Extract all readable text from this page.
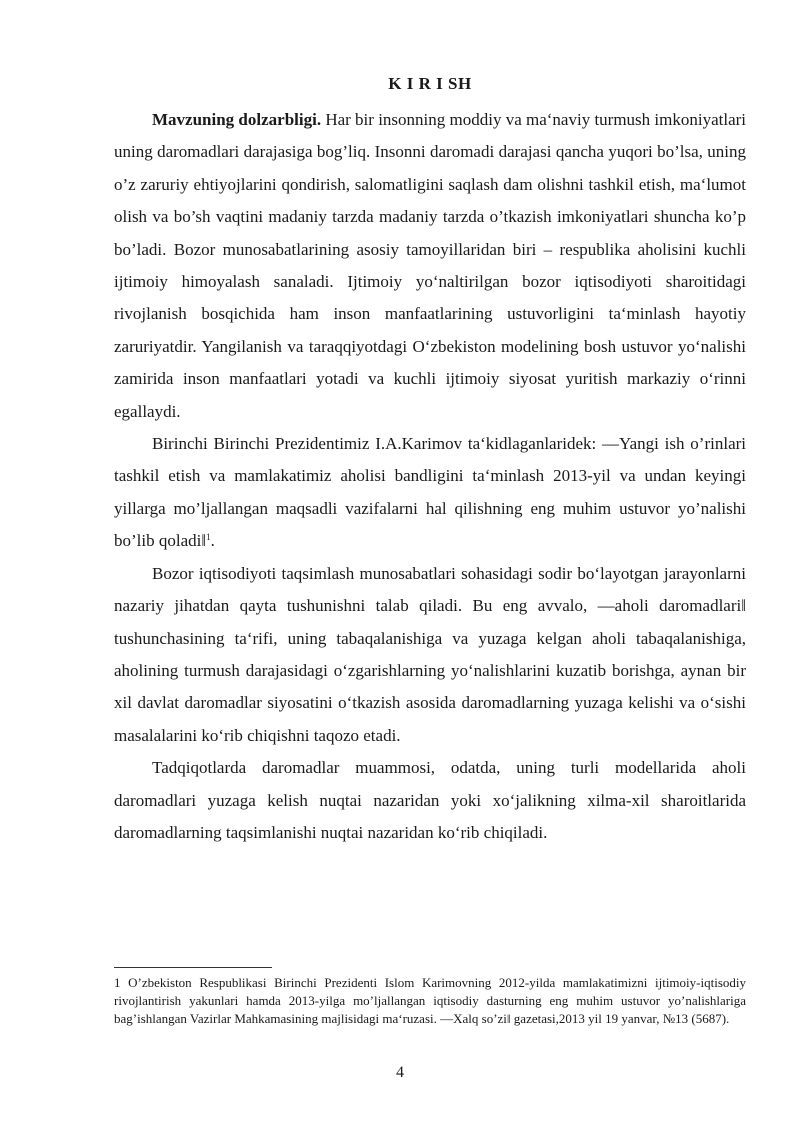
K I R I SH

Mavzuning dolzarbligi. Har bir insonning moddiy va ma‘naviy turmush imkoniyatlari uning daromadlari darajasiga bog’liq. Insonni daromadi darajasi qancha yuqori bo’lsa, uning o’z zaruriy ehtiyojlarini qondirish, salomatligini saqlash dam olishni tashkil etish, ma‘lumot olish va bo’sh vaqtini madaniy tarzda madaniy tarzda o’tkazish imkoniyatlari shuncha ko’p bo’ladi. Bozor munosabatlarining asosiy tamoyillaridan biri – respublika aholisini kuchli ijtimoiy himoyalash sanaladi. Ijtimoiy yo‘naltirilgan bozor iqtisodiyoti sharoitidagi rivojlanish bosqichida ham inson manfaatlarining ustuvorligini ta‘minlash hayotiy zaruriyatdir. Yangilanish va taraqqiyotdagi O‘zbekiston modelining bosh ustuvor yo‘nalishi zamirida inson manfaatlari yotadi va kuchli ijtimoiy siyosat yuritish markaziy o‘rinni egallaydi.

Birinchi Birinchi Prezidentimiz I.A.Karimov ta‘kidlaganlaridek: ―Yangi ish o’rinlari tashkil etish va mamlakatimiz aholisi bandligini ta‘minlash 2013-yil va undan keyingi yillarga mo’ljallangan maqsadli vazifalarni hal qilishning eng muhim ustuvor yo’nalishi bo’lib qoladi‖$^1$.

Bozor iqtisodiyoti taqsimlash munosabatlari sohasidagi sodir bo‘layotgan jarayonlarni nazariy jihatdan qayta tushunishni talab qiladi. Bu eng avvalo, ―aholi daromadlari‖ tushunchasining ta‘rifi, uning tabaqalanishiga va yuzaga kelgan aholi tabaqalanishiga, aholining turmush darajasidagi o‘zgarishlarning yo‘nalishlarini kuzatib borishga, aynan bir xil davlat daromadlar siyosatini o‘tkazish asosida daromadlarning yuzaga kelishi va o‘sishi masalalarini ko‘rib chiqishni taqozo etadi.

Tadqiqotlarda daromadlar muammosi, odatda, uning turli modellarida aholi daromadlari yuzaga kelish nuqtai nazaridan yoki xo‘jalikning xilma-xil sharoitlarida daromadlarning taqsimlanishi nuqtai nazaridan ko‘rib chiqiladi.

1 O’zbekiston Respublikasi Birinchi Prezidenti Islom Karimovning 2012-yilda mamlakatimizni ijtimoiy-iqtisodiy rivojlantirish yakunlari hamda 2013-yilga mo’ljallangan iqtisodiy dasturning eng muhim ustuvor yo’nalishlariga bag’ishlangan Vazirlar Mahkamasining majlisidagi ma‘ruzasi. ―Xalq so’zi‖ gazetasi,2013 yil 19 yanvar, №13 (5687).

4
